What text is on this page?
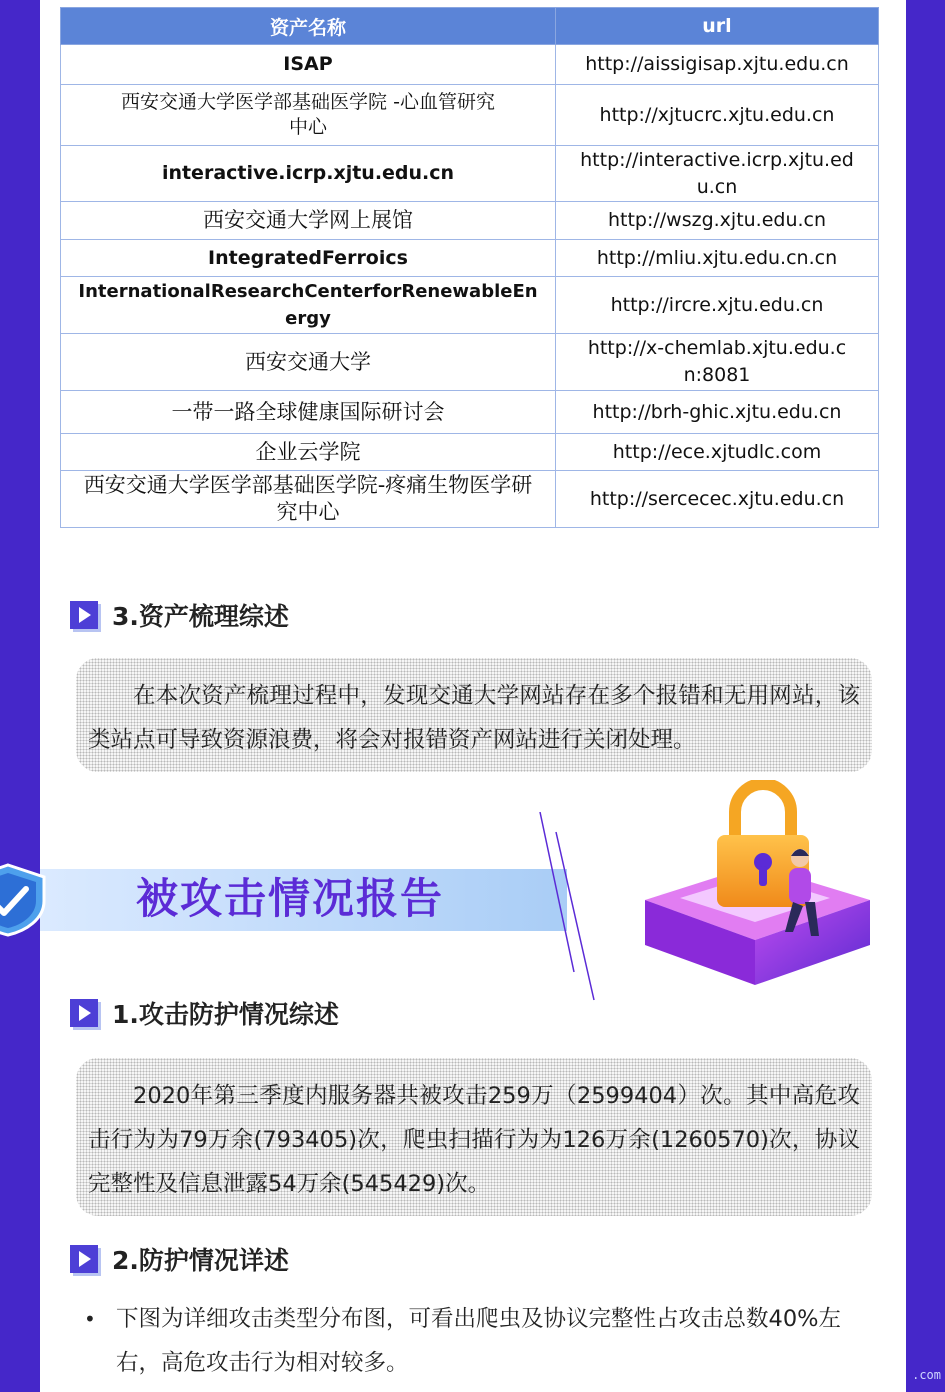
资产名称	url
ISAP	http://aissigisap.xjtu.edu.cn
西安交通大学医学部基础医学院 -心血管研究中心	http://xjtucrc.xjtu.edu.cn
interactive.icrp.xjtu.edu.cn	http://interactive.icrp.xjtu.edu.cn
西安交通大学网上展馆	http://wszg.xjtu.edu.cn
IntegratedFerroics	http://mliu.xjtu.edu.cn.cn
InternationalResearchCenterforRenewableEnergy	http://ircre.xjtu.edu.cn
西安交通大学	http://x-chemlab.xjtu.edu.cn:8081
一带一路全球健康国际研讨会	http://brh-ghic.xjtu.edu.cn
企业云学院	http://ece.xjtudlc.com
西安交通大学医学部基础医学院-疼痛生物医学研究中心	http://sercecec.xjtu.edu.cn
3.资产梳理综述

在本次资产梳理过程中，发现交通大学网站存在多个报错和无用网站，该类站点可导致资源浪费，将会对报错资产网站进行关闭处理。

被攻击情况报告
1.攻击防护情况综述

2020年第三季度内服务器共被攻击259万（2599404）次。其中高危攻击行为为79万余(793405)次，爬虫扫描行为为126万余(1260570)次，协议完整性及信息泄露54万余(545429)次。

2.防护情况详述
• 下图为详细攻击类型分布图，可看出爬虫及协议完整性占攻击总数40%左右，高危攻击行为相对较多。	.com
